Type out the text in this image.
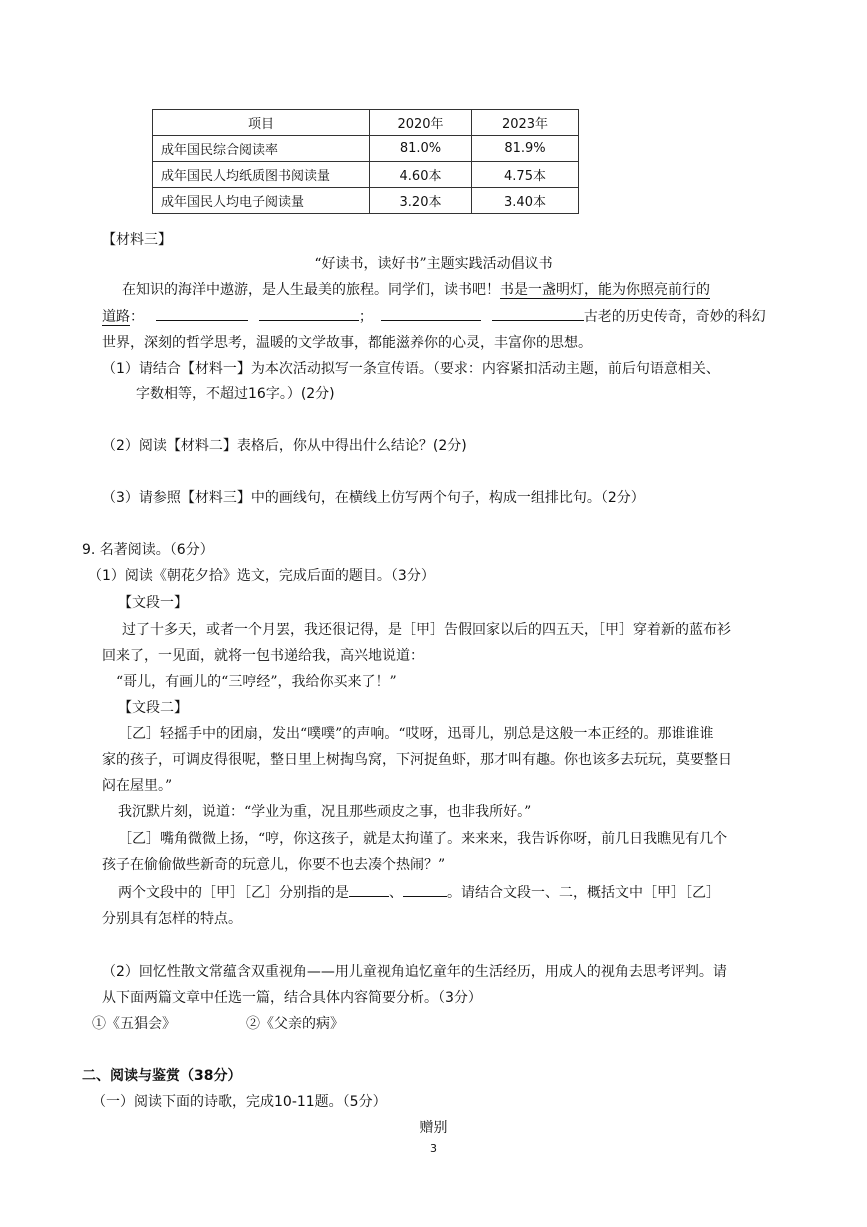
项目	2020年	2023年
成年国民综合阅读率	81.0%	81.9%
成年国民人均纸质图书阅读量	4.60本	4.75本
成年国民人均电子阅读量	3.20本	3.40本
【材料三】
“好读书，读好书”主题实践活动倡议书
在知识的海洋中遨游，是人生最美的旅程。同学们，读书吧！书是一盏明灯，能为你照亮前行的
道路：	；	古老的历史传奇，奇妙的科幻
世界，深刻的哲学思考，温暖的文学故事，都能滋养你的心灵，丰富你的思想。
（1）请结合【材料一】为本次活动拟写一条宣传语。（要求：内容紧扣活动主题，前后句语意相关、
字数相等，不超过16字。）(2分)
（2）阅读【材料二】表格后，你从中得出什么结论？(2分)
（3）请参照【材料三】中的画线句，在横线上仿写两个句子，构成一组排比句。（2分）
9. 名著阅读。（6分）
（1）阅读《朝花夕拾》选文，完成后面的题目。（3分）
【文段一】
过了十多天，或者一个月罢，我还很记得，是［甲］告假回家以后的四五天，［甲］穿着新的蓝布衫
回来了，一见面，就将一包书递给我，高兴地说道：
“哥儿，有画儿的“三哼经”，我给你买来了！”
【文段二】
［乙］轻摇手中的团扇，发出“噗噗”的声响。“哎呀，迅哥儿，别总是这般一本正经的。那谁谁谁
家的孩子，可调皮得很呢，整日里上树掏鸟窝，下河捉鱼虾，那才叫有趣。你也该多去玩玩，莫要整日
闷在屋里。”
我沉默片刻，说道：“学业为重，况且那些顽皮之事，也非我所好。”
［乙］嘴角微微上扬，“哼，你这孩子，就是太拘谨了。来来来，我告诉你呀，前几日我瞧见有几个
孩子在偷偷做些新奇的玩意儿，你要不也去凑个热闹？”
两个文段中的［甲］［乙］分别指的是	、	。请结合文段一、二，概括文中［甲］［乙］
分别具有怎样的特点。
（2）回忆性散文常蕴含双重视角——用儿童视角追忆童年的生活经历，用成人的视角去思考评判。请
从下面两篇文章中任选一篇，结合具体内容简要分析。（3分）
①《五猖会》	②《父亲的病》
二、阅读与鉴赏（38分）
（一）阅读下面的诗歌，完成10-11题。（5分）
赠别
3
